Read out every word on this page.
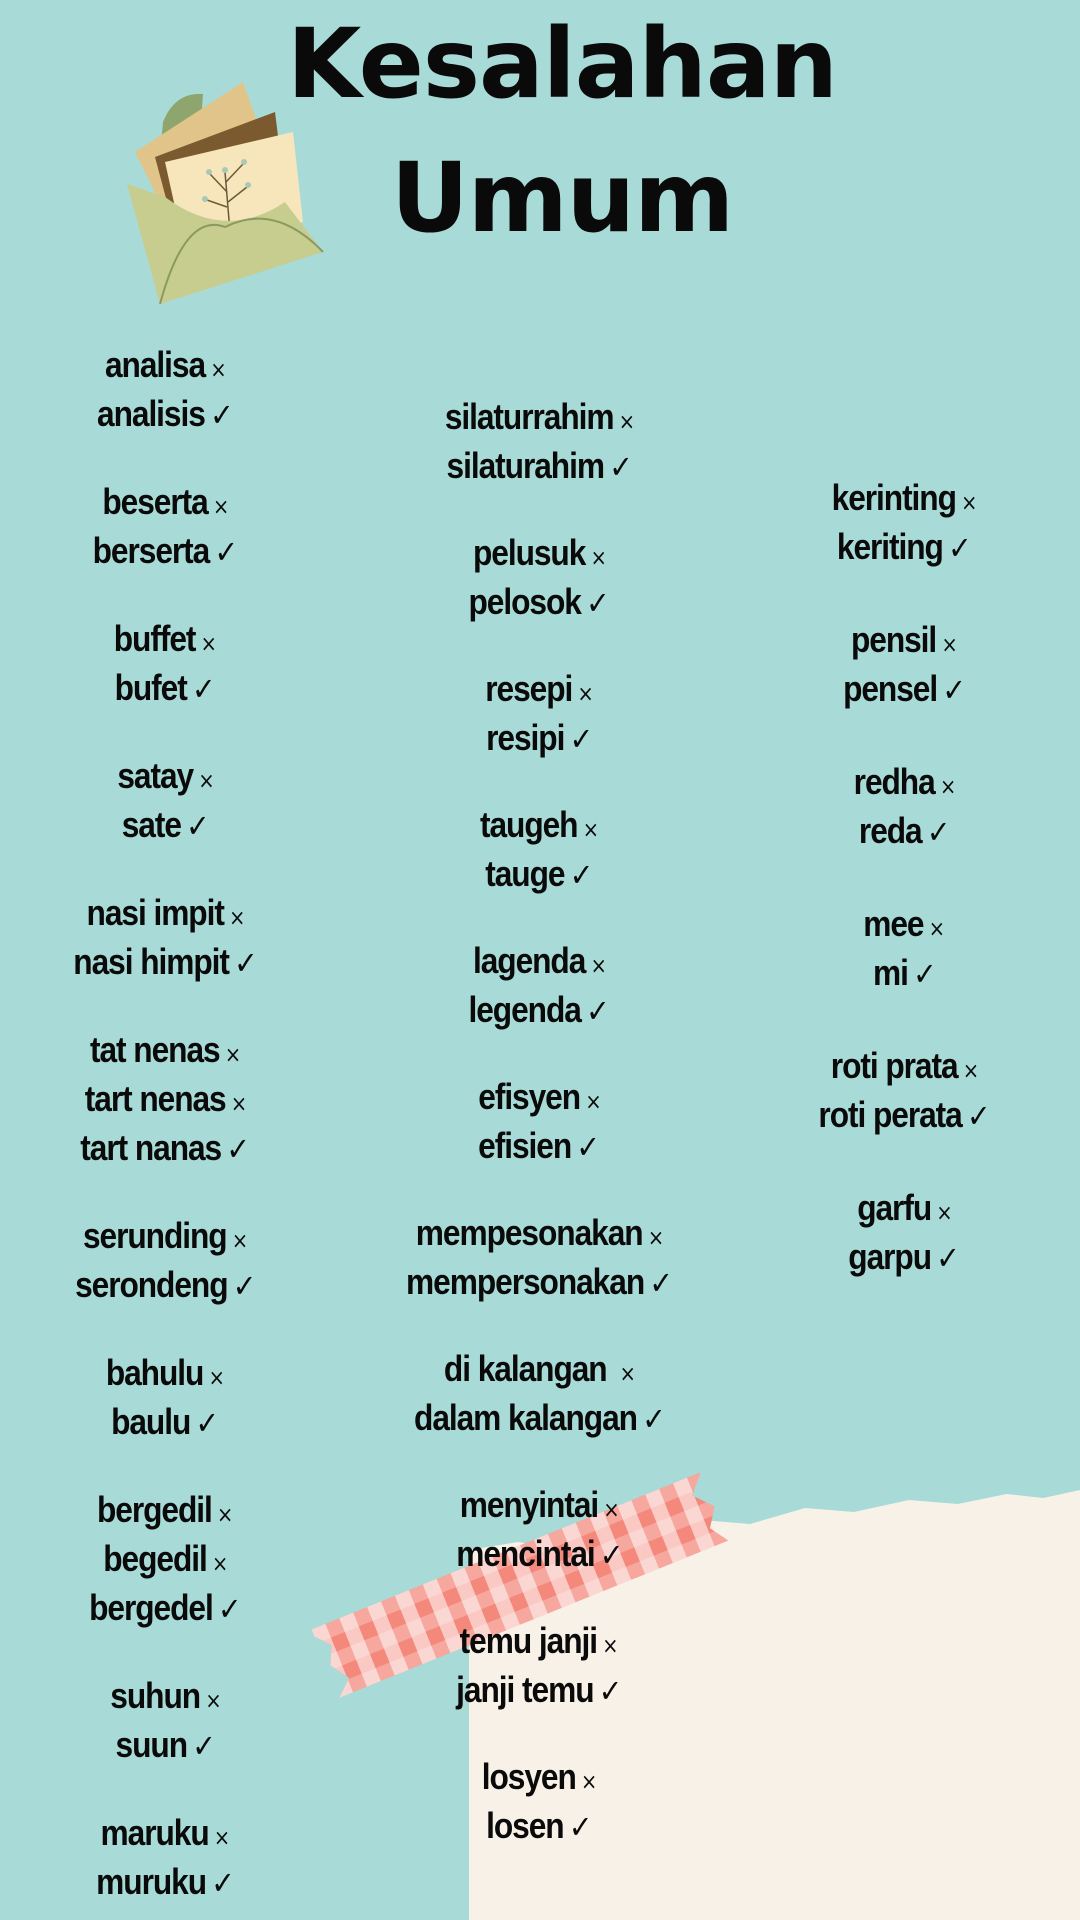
Kesalahan
Umum
analisa ×
analisis ✓
beserta ×
berserta ✓
buffet ×
bufet ✓
satay ×
sate ✓
nasi impit ×
nasi himpit ✓
tat nenas ×
tart nenas ×
tart nanas ✓
serunding ×
serondeng ✓
bahulu ×
baulu ✓
bergedil ×
begedil ×
bergedel ✓
suhun ×
suun ✓
maruku ×
muruku ✓
silaturrahim ×
silaturahim ✓
pelusuk ×
pelosok ✓
resepi ×
resipi ✓
taugeh ×
tauge ✓
lagenda ×
legenda ✓
efisyen ×
efisien ✓
mempesonakan ×
mempersonakan ✓
di kalangan ×
dalam kalangan ✓
menyintai ×
mencintai ✓
temu janji ×
janji temu ✓
losyen ×
losen ✓
kerinting ×
keriting ✓
pensil ×
pensel ✓
redha ×
reda ✓
mee ×
mi ✓
roti prata ×
roti perata ✓
garfu ×
garpu ✓
